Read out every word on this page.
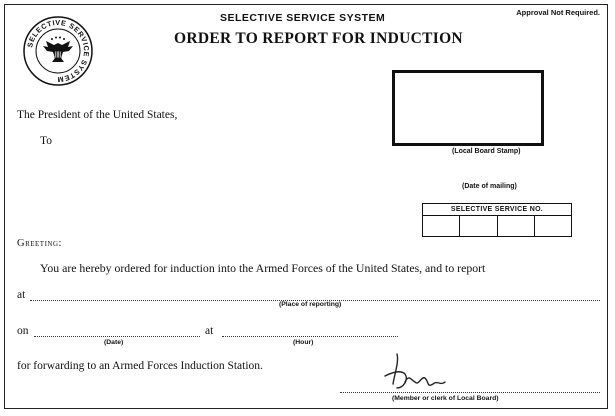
SELECTIVE SERVICE SYSTEM
Approval Not Required.
SELECTIVE SERVICE SYSTEM
ORDER TO REPORT FOR INDUCTION
(Local Board Stamp)
(Date of mailing)
SELECTIVE SERVICE NO.
The President of the United States,
To
Greeting:
You are hereby ordered for induction into the Armed Forces of the United States, and to report
at
(Place of reporting)
on
(Date)
at
(Hour)
for forwarding to an Armed Forces Induction Station.
(Member or clerk of Local Board)
